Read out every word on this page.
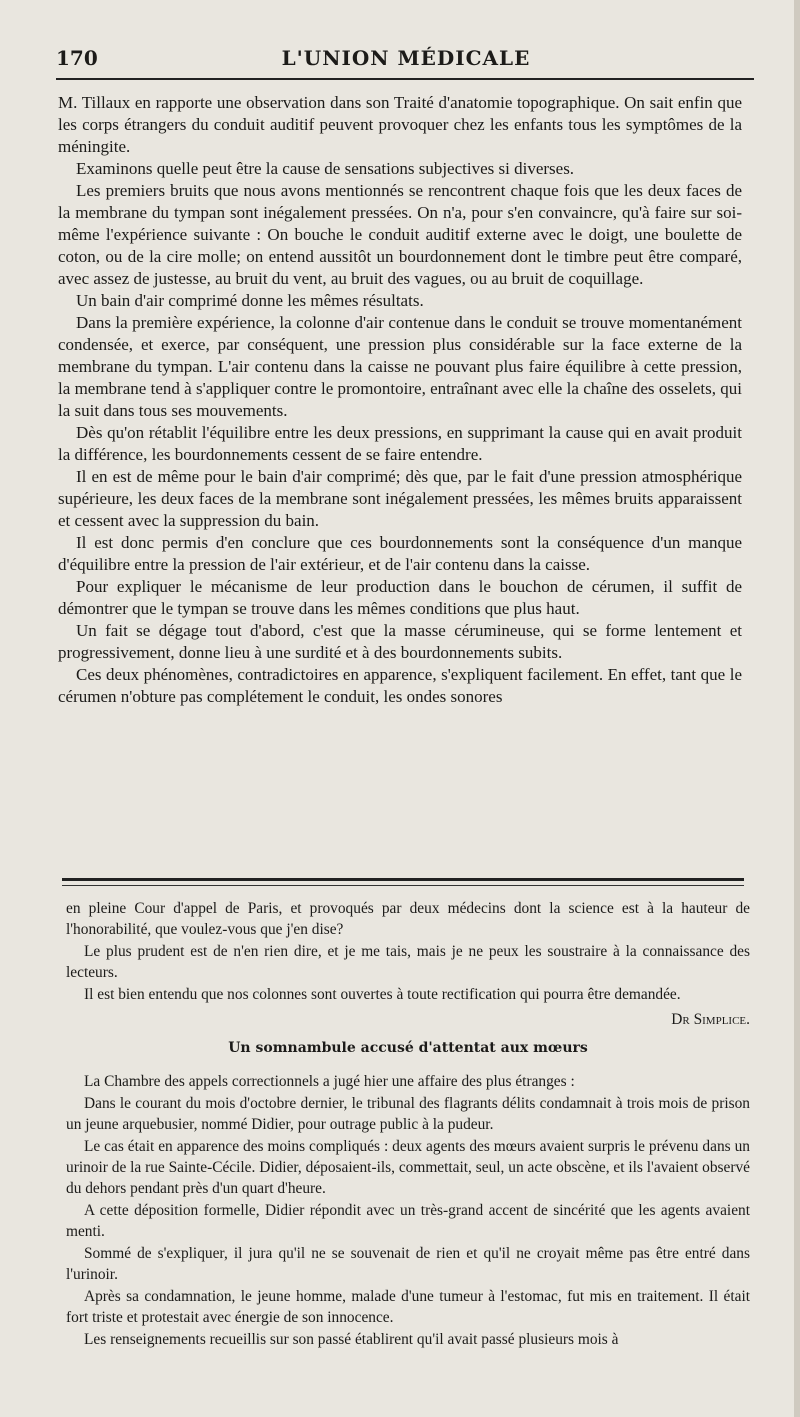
170	L'UNION MÉDICALE

M. Tillaux en rapporte une observation dans son Traité d'anatomie topographique. On sait enfin que les corps étrangers du conduit auditif peuvent provoquer chez les enfants tous les symptômes de la méningite.

Examinons quelle peut être la cause de sensations subjectives si diverses.

Les premiers bruits que nous avons mentionnés se rencontrent chaque fois que les deux faces de la membrane du tympan sont inégalement pressées. On n'a, pour s'en convaincre, qu'à faire sur soi-même l'expérience suivante : On bouche le conduit auditif externe avec le doigt, une boulette de coton, ou de la cire molle; on entend aussitôt un bourdonnement dont le timbre peut être comparé, avec assez de justesse, au bruit du vent, au bruit des vagues, ou au bruit de coquillage.

Un bain d'air comprimé donne les mêmes résultats.

Dans la première expérience, la colonne d'air contenue dans le conduit se trouve momentanément condensée, et exerce, par conséquent, une pression plus considérable sur la face externe de la membrane du tympan. L'air contenu dans la caisse ne pouvant plus faire équilibre à cette pression, la membrane tend à s'appliquer contre le promontoire, entraînant avec elle la chaîne des osselets, qui la suit dans tous ses mouvements.

Dès qu'on rétablit l'équilibre entre les deux pressions, en supprimant la cause qui en avait produit la différence, les bourdonnements cessent de se faire entendre.

Il en est de même pour le bain d'air comprimé; dès que, par le fait d'une pression atmosphérique supérieure, les deux faces de la membrane sont inégalement pressées, les mêmes bruits apparaissent et cessent avec la suppression du bain.

Il est donc permis d'en conclure que ces bourdonnements sont la conséquence d'un manque d'équilibre entre la pression de l'air extérieur, et de l'air contenu dans la caisse.

Pour expliquer le mécanisme de leur production dans le bouchon de cérumen, il suffit de démontrer que le tympan se trouve dans les mêmes conditions que plus haut.

Un fait se dégage tout d'abord, c'est que la masse cérumineuse, qui se forme lentement et progressivement, donne lieu à une surdité et à des bourdonnements subits.

Ces deux phénomènes, contradictoires en apparence, s'expliquent facilement. En effet, tant que le cérumen n'obture pas complétement le conduit, les ondes sonores

en pleine Cour d'appel de Paris, et provoqués par deux médecins dont la science est à la hauteur de l'honorabilité, que voulez-vous que j'en dise?

Le plus prudent est de n'en rien dire, et je me tais, mais je ne peux les soustraire à la connaissance des lecteurs.

Il est bien entendu que nos colonnes sont ouvertes à toute rectification qui pourra être demandée.

Dr Simplice.

Un somnambule accusé d'attentat aux mœurs

La Chambre des appels correctionnels a jugé hier une affaire des plus étranges :

Dans le courant du mois d'octobre dernier, le tribunal des flagrants délits condamnait à trois mois de prison un jeune arquebusier, nommé Didier, pour outrage public à la pudeur.

Le cas était en apparence des moins compliqués : deux agents des mœurs avaient surpris le prévenu dans un urinoir de la rue Sainte-Cécile. Didier, déposaient-ils, commettait, seul, un acte obscène, et ils l'avaient observé du dehors pendant près d'un quart d'heure.

A cette déposition formelle, Didier répondit avec un très-grand accent de sincérité que les agents avaient menti.

Sommé de s'expliquer, il jura qu'il ne se souvenait de rien et qu'il ne croyait même pas être entré dans l'urinoir.

Après sa condamnation, le jeune homme, malade d'une tumeur à l'estomac, fut mis en traitement. Il était fort triste et protestait avec énergie de son innocence.

Les renseignements recueillis sur son passé établirent qu'il avait passé plusieurs mois à
